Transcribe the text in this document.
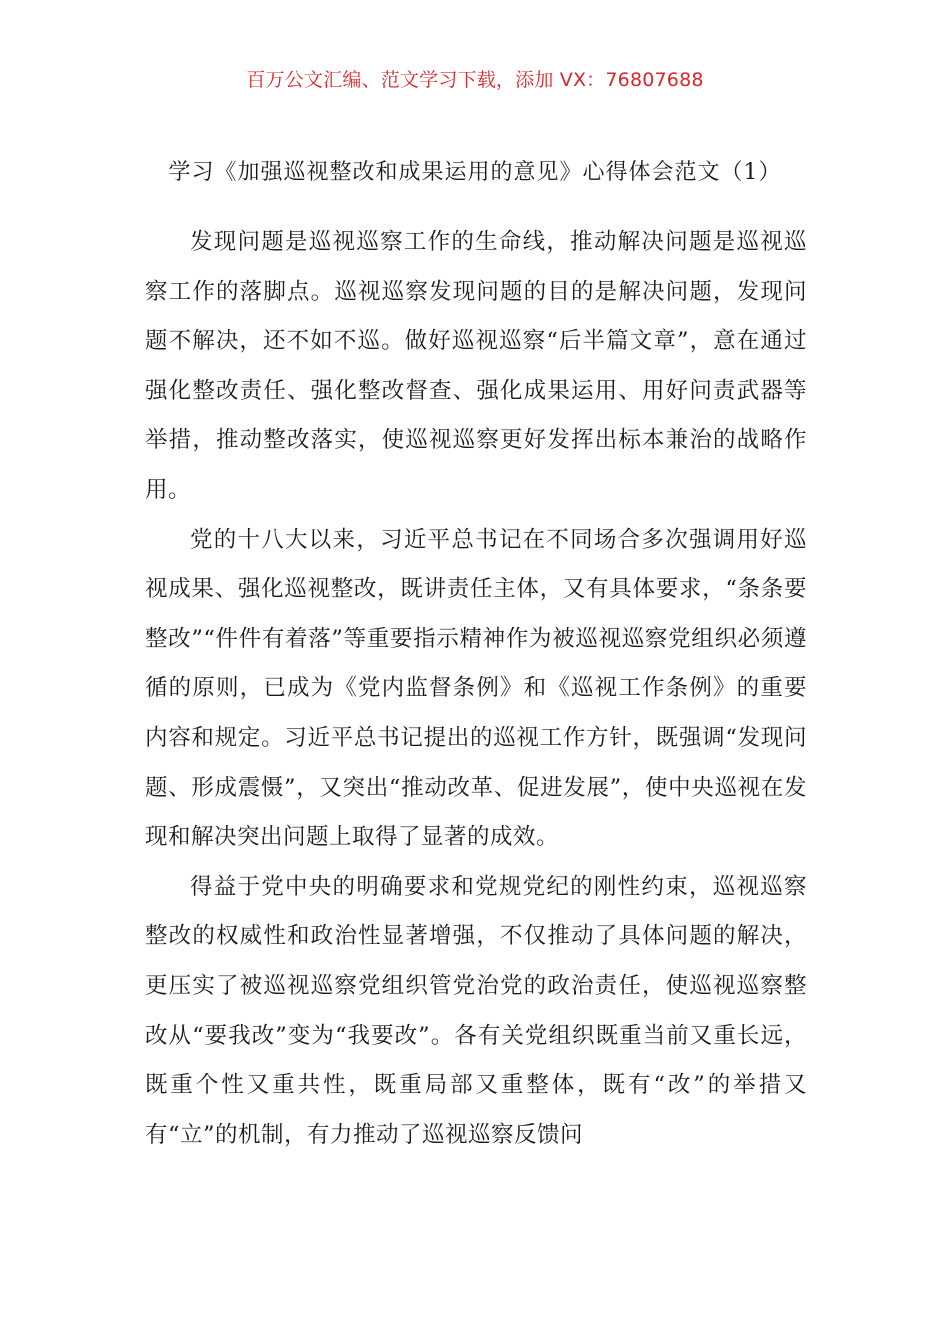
百万公文汇编、范文学习下载，添加 VX：76807688
学习《加强巡视整改和成果运用的意见》心得体会范文（1）

发现问题是巡视巡察工作的生命线，推动解决问题是巡视巡察工作的落脚点。巡视巡察发现问题的目的是解决问题，发现问题不解决，还不如不巡。做好巡视巡察“后半篇文章”，意在通过强化整改责任、强化整改督查、强化成果运用、用好问责武器等举措，推动整改落实，使巡视巡察更好发挥出标本兼治的战略作用。

党的十八大以来，习近平总书记在不同场合多次强调用好巡视成果、强化巡视整改，既讲责任主体，又有具体要求，“条条要整改”“件件有着落”等重要指示精神作为被巡视巡察党组织必须遵循的原则，已成为《党内监督条例》和《巡视工作条例》的重要内容和规定。习近平总书记提出的巡视工作方针，既强调“发现问题、形成震慑”，又突出“推动改革、促进发展”，使中央巡视在发现和解决突出问题上取得了显著的成效。

得益于党中央的明确要求和党规党纪的刚性约束，巡视巡察整改的权威性和政治性显著增强，不仅推动了具体问题的解决，更压实了被巡视巡察党组织管党治党的政治责任，使巡视巡察整改从“要我改”变为“我要改”。各有关党组织既重当前又重长远，既重个性又重共性，既重局部又重整体，既有“改”的举措又有“立”的机制，有力推动了巡视巡察反馈问
